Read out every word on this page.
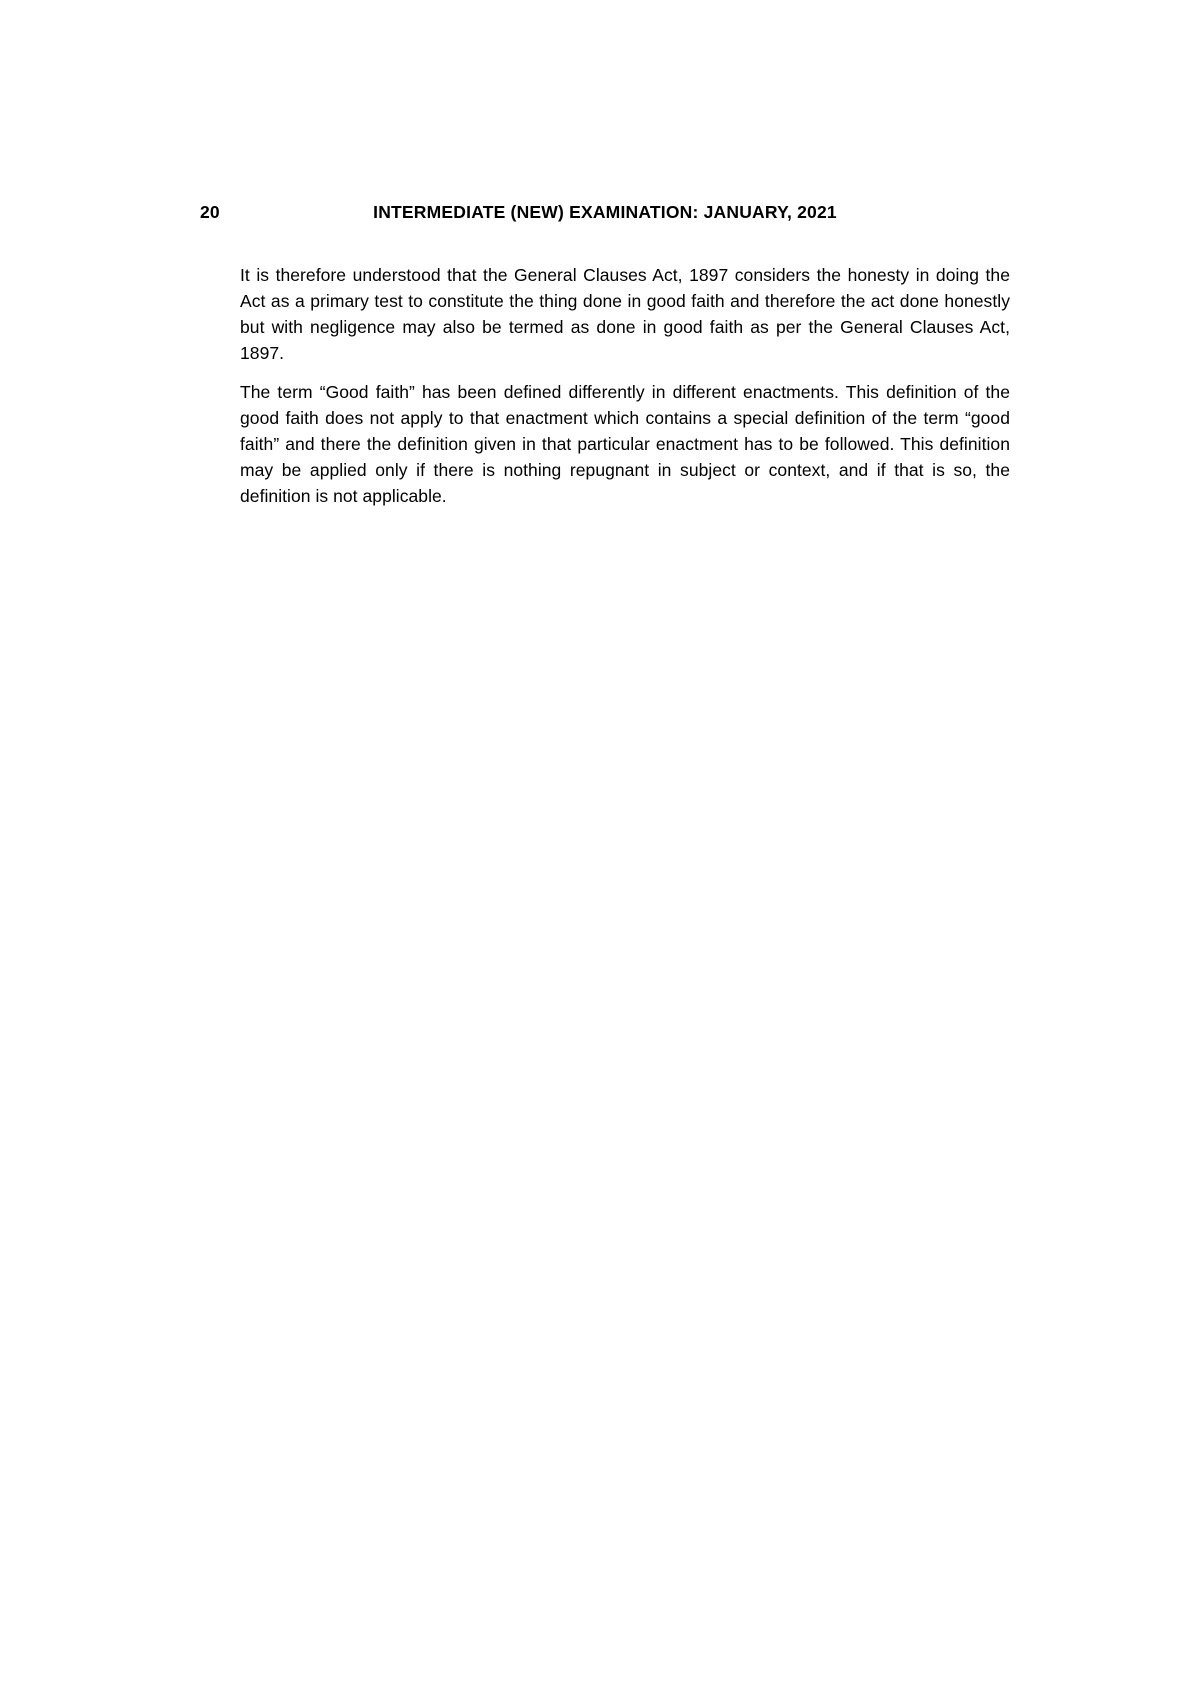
20	INTERMEDIATE (NEW) EXAMINATION: JANUARY, 2021

It is therefore understood that the General Clauses Act, 1897 considers the honesty in doing the Act as a primary test to constitute the thing done in good faith and therefore the act done honestly but with negligence may also be termed as done in good faith as per the General Clauses Act, 1897.

The term “Good faith” has been defined differently in different enactments. This definition of the good faith does not apply to that enactment which contains a special definition of the term “good faith” and there the definition given in that particular enactment has to be followed. This definition may be applied only if there is nothing repugnant in subject or context, and if that is so, the definition is not applicable.
